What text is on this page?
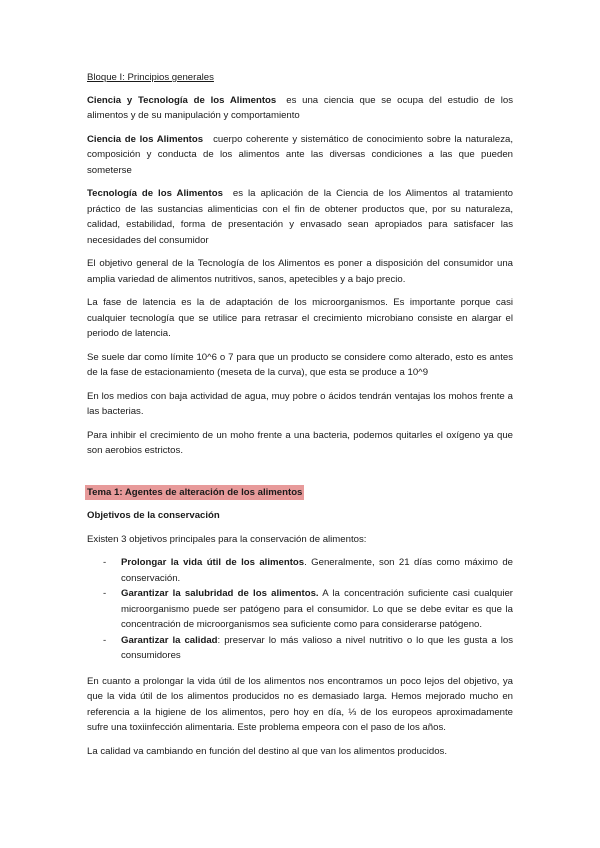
Bloque I: Principios generales

Ciencia y Tecnología de los Alimentos es una ciencia que se ocupa del estudio de los alimentos y de su manipulación y comportamiento

Ciencia de los Alimentos cuerpo coherente y sistemático de conocimiento sobre la naturaleza, composición y conducta de los alimentos ante las diversas condiciones a las que pueden someterse

Tecnología de los Alimentos es la aplicación de la Ciencia de los Alimentos al tratamiento práctico de las sustancias alimenticias con el fin de obtener productos que, por su naturaleza, calidad, estabilidad, forma de presentación y envasado sean apropiados para satisfacer las necesidades del consumidor

El objetivo general de la Tecnología de los Alimentos es poner a disposición del consumidor una amplia variedad de alimentos nutritivos, sanos, apetecibles y a bajo precio.

La fase de latencia es la de adaptación de los microorganismos. Es importante porque casi cualquier tecnología que se utilice para retrasar el crecimiento microbiano consiste en alargar el periodo de latencia.

Se suele dar como límite 10^6 o 7 para que un producto se considere como alterado, esto es antes de la fase de estacionamiento (meseta de la curva), que esta se produce a 10^9

En los medios con baja actividad de agua, muy pobre o ácidos tendrán ventajas los mohos frente a las bacterias.

Para inhibir el crecimiento de un moho frente a una bacteria, podemos quitarles el oxígeno ya que son aerobios estrictos.

Tema 1: Agentes de alteración de los alimentos

Objetivos de la conservación

Existen 3 objetivos principales para la conservación de alimentos:

- Prolongar la vida útil de los alimentos. Generalmente, son 21 días como máximo de conservación.
- Garantizar la salubridad de los alimentos. A la concentración suficiente casi cualquier microorganismo puede ser patógeno para el consumidor. Lo que se debe evitar es que la concentración de microorganismos sea suficiente como para considerarse patógeno.
- Garantizar la calidad: preservar lo más valioso a nivel nutritivo o lo que les gusta a los consumidores

En cuanto a prolongar la vida útil de los alimentos nos encontramos un poco lejos del objetivo, ya que la vida útil de los alimentos producidos no es demasiado larga. Hemos mejorado mucho en referencia a la higiene de los alimentos, pero hoy en día, ⅓ de los europeos aproximadamente sufre una toxiinfección alimentaria. Este problema empeora con el paso de los años.

La calidad va cambiando en función del destino al que van los alimentos producidos.
